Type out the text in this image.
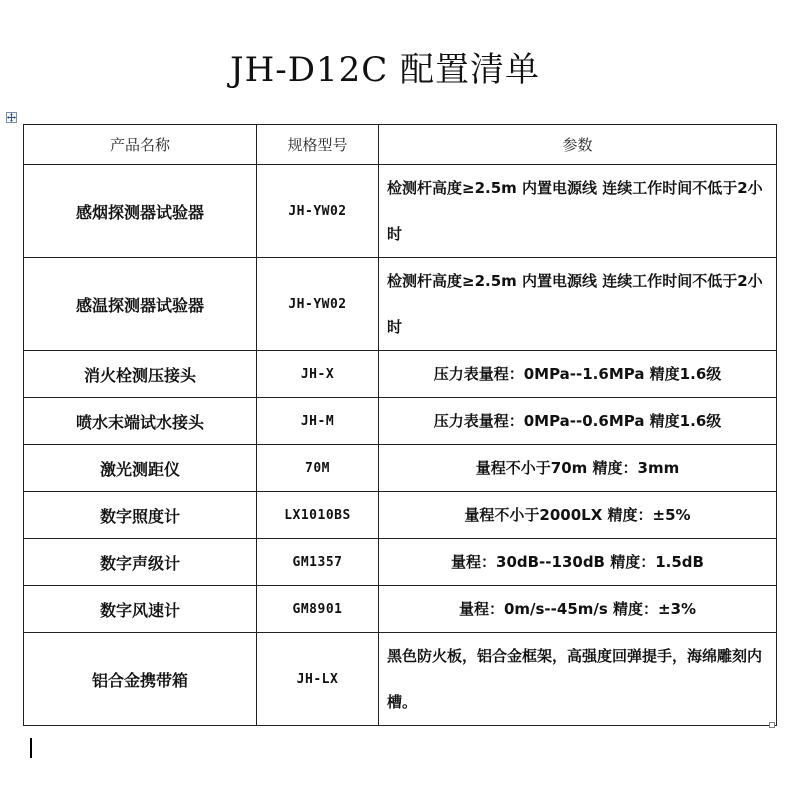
JH-D12C 配置清单
产品名称	规格型号	参数
感烟探测器试验器	JH-YW02	检测杆高度≥2.5m 内置电源线 连续工作时间不低于2小时
感温探测器试验器	JH-YW02	检测杆高度≥2.5m 内置电源线 连续工作时间不低于2小时
消火栓测压接头	JH-X	压力表量程：0MPa--1.6MPa 精度1.6级
喷水末端试水接头	JH-M	压力表量程：0MPa--0.6MPa 精度1.6级
激光测距仪	70M	量程不小于70m 精度：3mm
数字照度计	LX1010BS	量程不小于2000LX 精度：±5%
数字声级计	GM1357	量程：30dB--130dB 精度：1.5dB
数字风速计	GM8901	量程：0m/s--45m/s 精度：±3%
铝合金携带箱	JH-LX	黑色防火板，铝合金框架，高强度回弹提手，海绵雕刻内槽。
